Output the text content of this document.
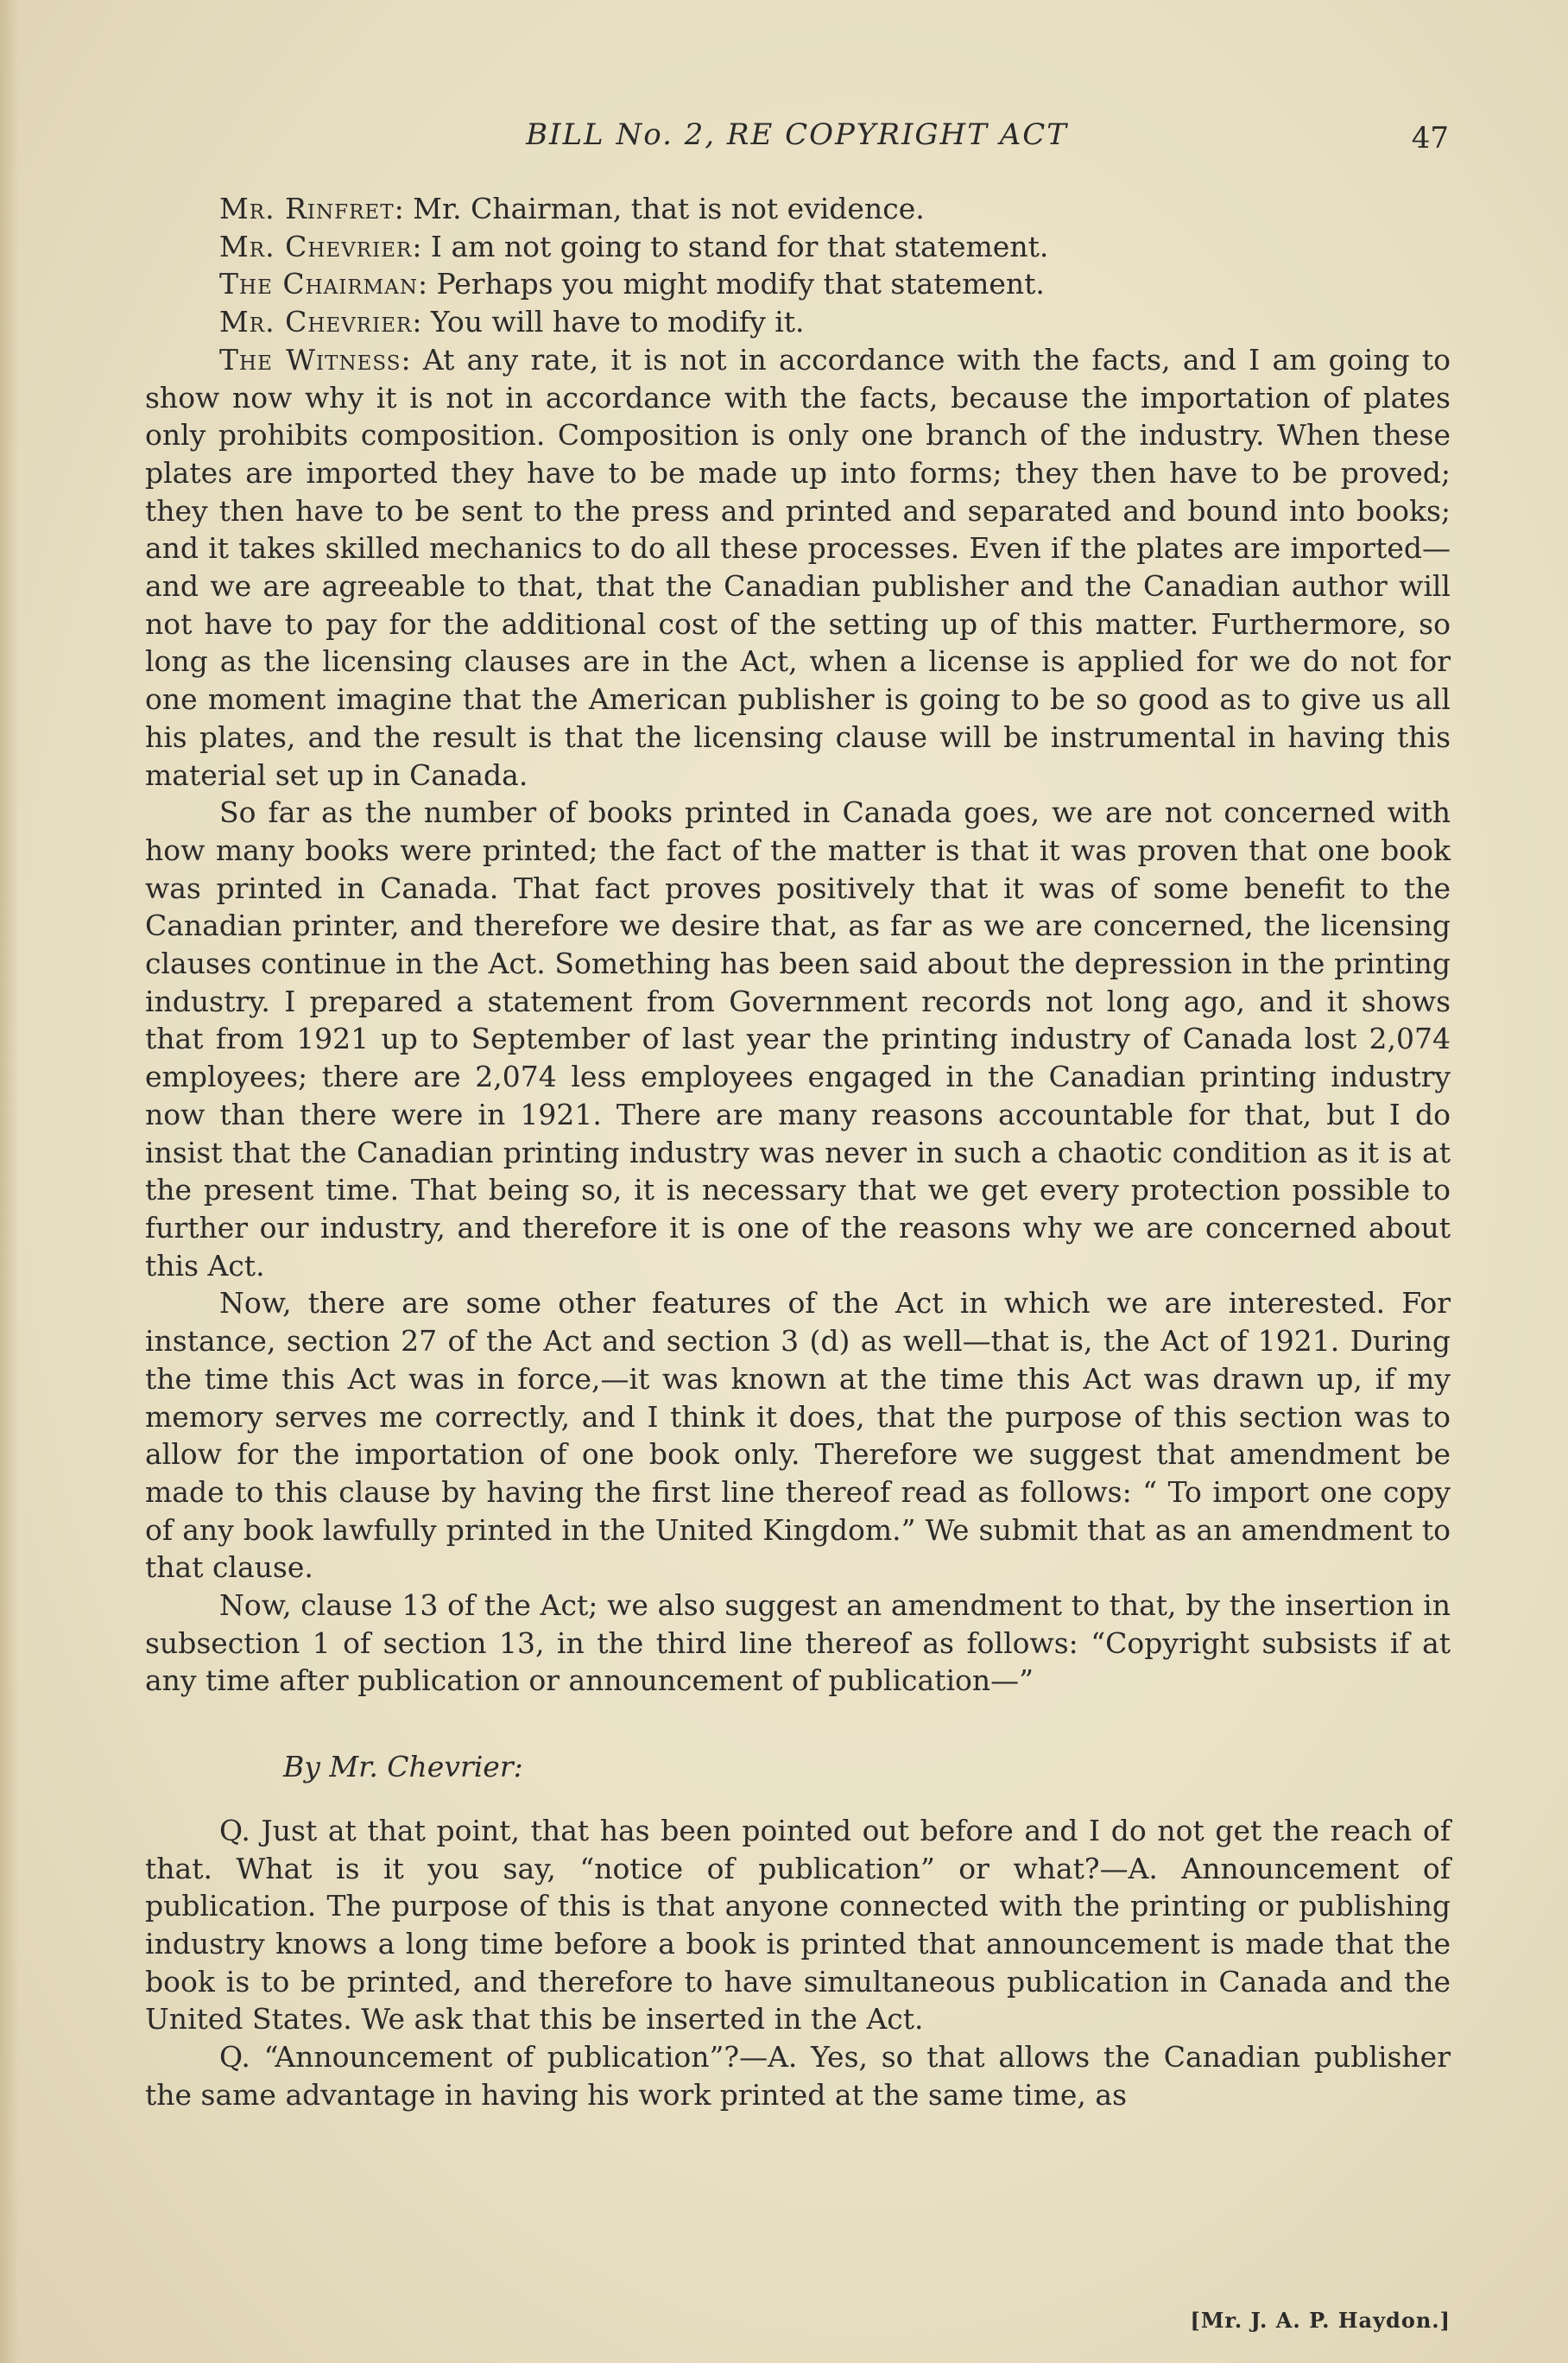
BILL No. 2, RE COPYRIGHT ACT	47

Mr. Rinfret: Mr. Chairman, that is not evidence.

Mr. Chevrier: I am not going to stand for that statement.

The Chairman: Perhaps you might modify that statement.

Mr. Chevrier: You will have to modify it.

The Witness: At any rate, it is not in accordance with the facts, and I am going to show now why it is not in accordance with the facts, because the importation of plates only prohibits composition. Composition is only one branch of the industry. When these plates are imported they have to be made up into forms; they then have to be proved; they then have to be sent to the press and printed and separated and bound into books; and it takes skilled mechanics to do all these processes. Even if the plates are imported—and we are agreeable to that, that the Canadian publisher and the Canadian author will not have to pay for the additional cost of the setting up of this matter. Furthermore, so long as the licensing clauses are in the Act, when a license is applied for we do not for one moment imagine that the American publisher is going to be so good as to give us all his plates, and the result is that the licensing clause will be instrumental in having this material set up in Canada.

So far as the number of books printed in Canada goes, we are not concerned with how many books were printed; the fact of the matter is that it was proven that one book was printed in Canada. That fact proves positively that it was of some benefit to the Canadian printer, and therefore we desire that, as far as we are concerned, the licensing clauses continue in the Act. Something has been said about the depression in the printing industry. I prepared a statement from Government records not long ago, and it shows that from 1921 up to September of last year the printing industry of Canada lost 2,074 employees; there are 2,074 less employees engaged in the Canadian printing industry now than there were in 1921. There are many reasons accountable for that, but I do insist that the Canadian printing industry was never in such a chaotic condition as it is at the present time. That being so, it is necessary that we get every protection possible to further our industry, and therefore it is one of the reasons why we are concerned about this Act.

Now, there are some other features of the Act in which we are interested. For instance, section 27 of the Act and section 3 (d) as well—that is, the Act of 1921. During the time this Act was in force,—it was known at the time this Act was drawn up, if my memory serves me correctly, and I think it does, that the purpose of this section was to allow for the importation of one book only. Therefore we suggest that amendment be made to this clause by having the first line thereof read as follows: “ To import one copy of any book lawfully printed in the United Kingdom.” We submit that as an amendment to that clause.

Now, clause 13 of the Act; we also suggest an amendment to that, by the insertion in subsection 1 of section 13, in the third line thereof as follows: “Copyright subsists if at any time after publication or announcement of publication—”

By Mr. Chevrier:

Q. Just at that point, that has been pointed out before and I do not get the reach of that. What is it you say, “notice of publication” or what?—A. Announcement of publication. The purpose of this is that anyone connected with the printing or publishing industry knows a long time before a book is printed that announcement is made that the book is to be printed, and therefore to have simultaneous publication in Canada and the United States. We ask that this be inserted in the Act.

Q. “Announcement of publication”?—A. Yes, so that allows the Canadian publisher the same advantage in having his work printed at the same time, as

[Mr. J. A. P. Haydon.]
